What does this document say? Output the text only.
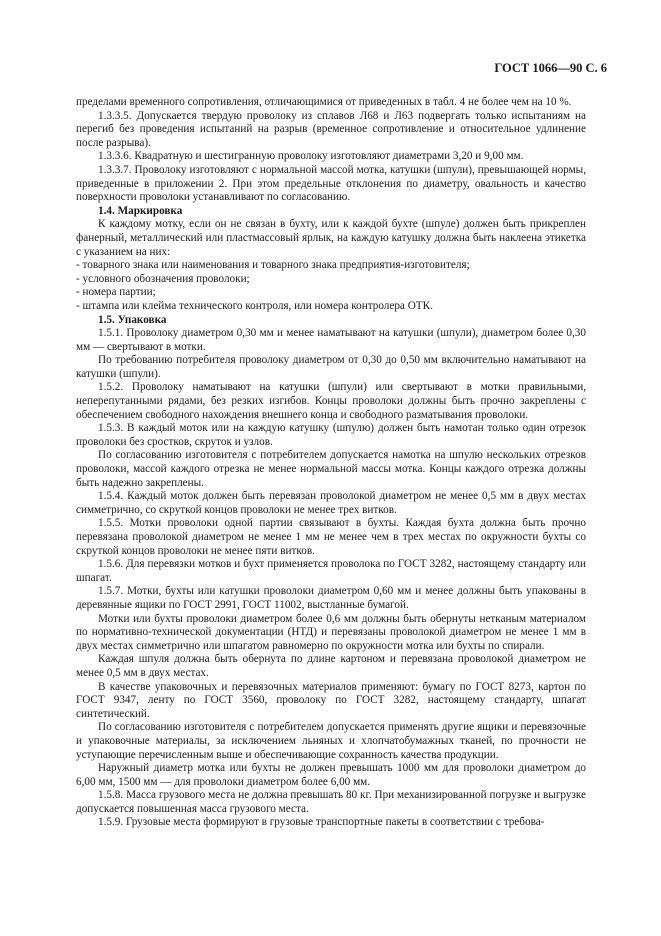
ГОСТ 1066—90 С. 6

пределами временного сопротивления, отличающимися от приведенных в табл. 4 не более чем на 10 %.

1.3.3.5. Допускается твердую проволоку из сплавов Л68 и Л63 подвергать только испытаниям на перегиб без проведения испытаний на разрыв (временное сопротивление и относительное удлинение после разрыва).

1.3.3.6. Квадратную и шестигранную проволоку изготовляют диаметрами 3,20 и 9,00 мм.

1.3.3.7. Проволоку изготовляют с нормальной массой мотка, катушки (шпули), превышающей нормы, приведенные в приложении 2. При этом предельные отклонения по диаметру, овальность и качество поверхности проволоки устанавливают по согласованию.

1.4. Маркировка

К каждому мотку, если он не связан в бухту, или к каждой бухте (шпуле) должен быть прикреплен фанерный, металлический или пластмассовый ярлык, на каждую катушку должна быть наклеена этикетка с указанием на них:

- товарного знака или наименования и товарного знака предприятия-изготовителя;

- условного обозначения проволоки;

- номера партии;

- штампа или клейма технического контроля, или номера контролера ОТК.

1.5. Упаковка

1.5.1. Проволоку диаметром 0,30 мм и менее наматывают на катушки (шпули), диаметром более 0,30 мм — свертывают в мотки.

По требованию потребителя проволоку диаметром от 0,30 до 0,50 мм включительно наматывают на катушки (шпули).

1.5.2. Проволоку наматывают на катушки (шпули) или свертывают в мотки правильными, неперепутанными рядами, без резких изгибов. Концы проволоки должны быть прочно закреплены с обеспечением свободного нахождения внешнего конца и свободного разматывания проволоки.

1.5.3. В каждый моток или на каждую катушку (шпулю) должен быть намотан только один отрезок проволоки без сростков, скруток и узлов.

По согласованию изготовителя с потребителем допускается намотка на шпулю нескольких отрезков проволоки, массой каждого отрезка не менее нормальной массы мотка. Концы каждого отрезка должны быть надежно закреплены.

1.5.4. Каждый моток должен быть перевязан проволокой диаметром не менее 0,5 мм в двух местах симметрично, со скруткой концов проволоки не менее трех витков.

1.5.5. Мотки проволоки одной партии связывают в бухты. Каждая бухта должна быть прочно перевязана проволокой диаметром не менее 1 мм не менее чем в трех местах по окружности бухты со скруткой концов проволоки не менее пяти витков.

1.5.6. Для перевязки мотков и бухт применяется проволока по ГОСТ 3282, настоящему стандарту или шпагат.

1.5.7. Мотки, бухты или катушки проволоки диаметром 0,60 мм и менее должны быть упакованы в деревянные ящики по ГОСТ 2991, ГОСТ 11002, выстланные бумагой.

Мотки или бухты проволоки диаметром более 0,6 мм должны быть обернуты нетканым материалом по нормативно-технической документации (НТД) и перевязаны проволокой диаметром не менее 1 мм в двух местах симметрично или шпагатом равномерно по окружности мотка или бухты по спирали.

Каждая шпуля должна быть обернута по длине картоном и перевязана проволокой диаметром не менее 0,5 мм в двух местах.

В качестве упаковочных и перевязочных материалов применяют: бумагу по ГОСТ 8273, картон по ГОСТ 9347, ленту по ГОСТ 3560, проволоку по ГОСТ 3282, настоящему стандарту, шпагат синтетический.

По согласованию изготовителя с потребителем допускается применять другие ящики и перевязочные и упаковочные материалы, за исключением льняных и хлопчатобумажных тканей, по прочности не уступающие перечисленным выше и обеспечивающие сохранность качества продукции.

Наружный диаметр мотка или бухты не должен превышать 1000 мм для проволоки диаметром до 6,00 мм, 1500 мм — для проволоки диаметром более 6,00 мм.

1.5.8. Масса грузового места не должна превышать 80 кг. При механизированной погрузке и выгрузке допускается повышенная масса грузового места.

1.5.9. Грузовые места формируют в грузовые транспортные пакеты в соответствии с требова-
